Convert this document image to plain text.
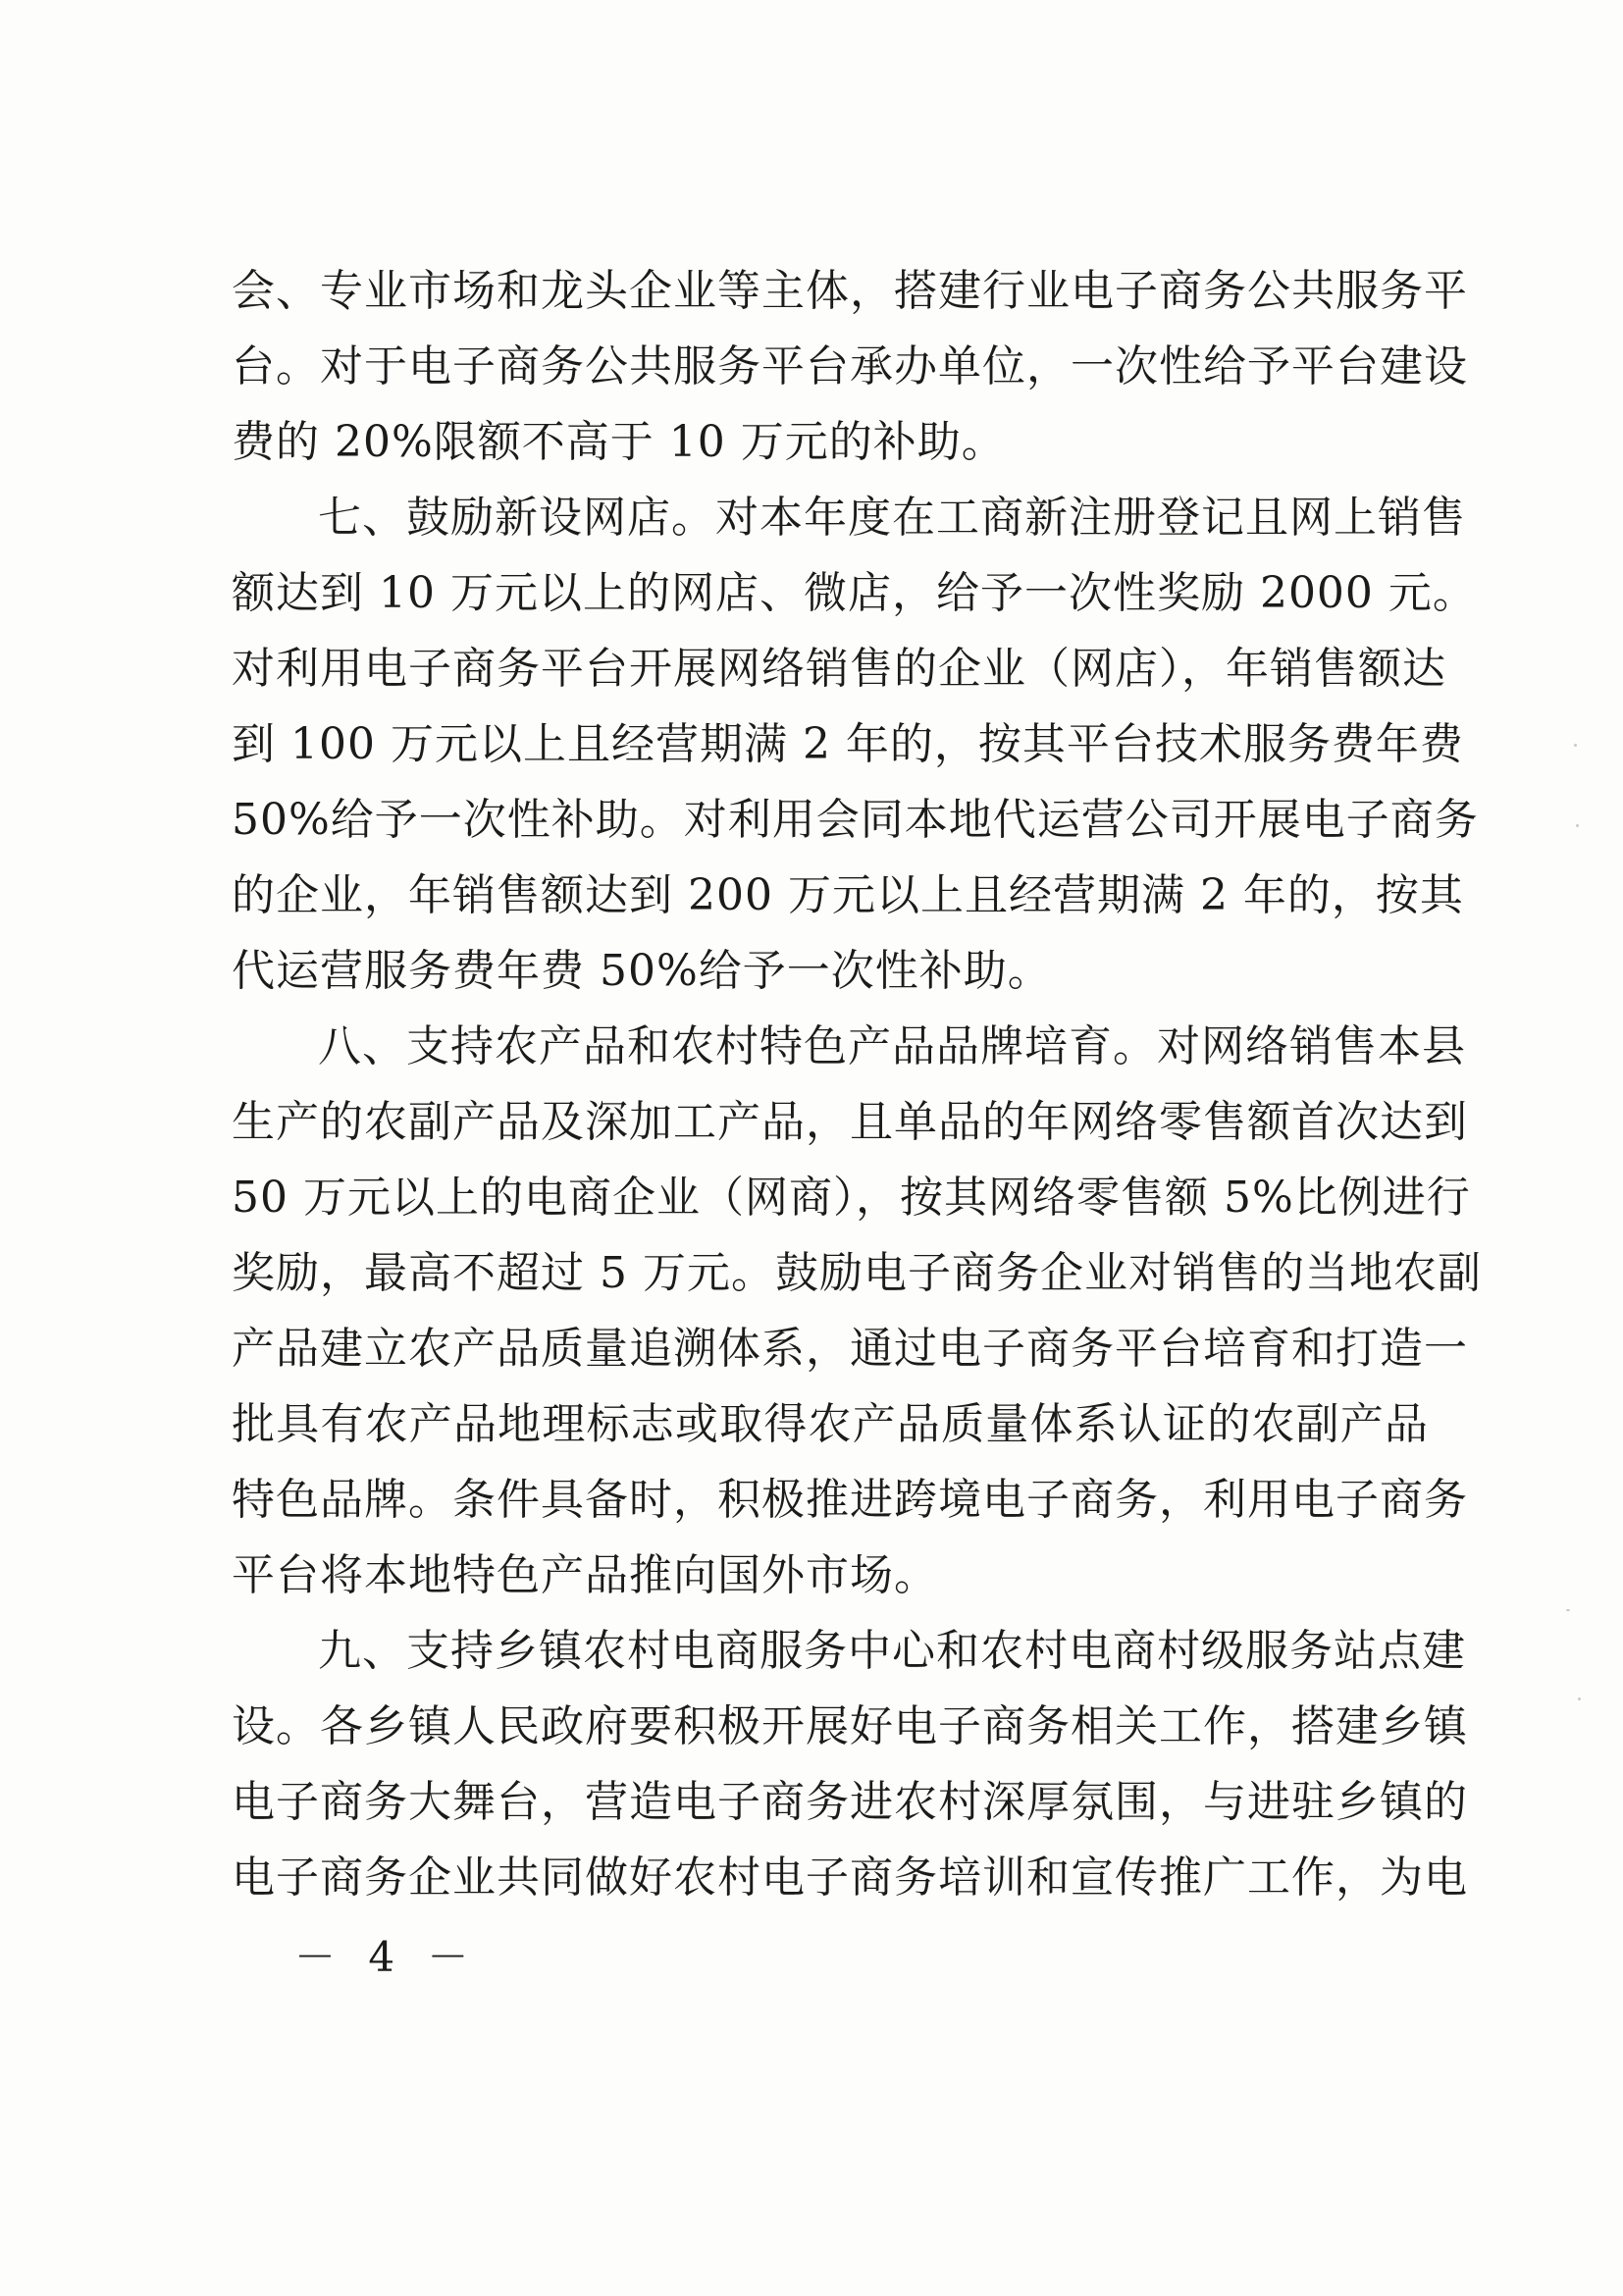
会、专业市场和龙头企业等主体，搭建行业电子商务公共服务平
台。对于电子商务公共服务平台承办单位，一次性给予平台建设
费的 20%限额不高于 10 万元的补助。
七、鼓励新设网店。对本年度在工商新注册登记且网上销售
额达到 10 万元以上的网店、微店，给予一次性奖励 2000 元。
对利用电子商务平台开展网络销售的企业（网店），年销售额达
到 100 万元以上且经营期满 2 年的，按其平台技术服务费年费
50%给予一次性补助。对利用会同本地代运营公司开展电子商务
的企业，年销售额达到 200 万元以上且经营期满 2 年的，按其
代运营服务费年费 50%给予一次性补助。
八、支持农产品和农村特色产品品牌培育。对网络销售本县
生产的农副产品及深加工产品，且单品的年网络零售额首次达到
50 万元以上的电商企业（网商），按其网络零售额 5%比例进行
奖励，最高不超过 5 万元。鼓励电子商务企业对销售的当地农副
产品建立农产品质量追溯体系，通过电子商务平台培育和打造一
批具有农产品地理标志或取得农产品质量体系认证的农副产品
特色品牌。条件具备时，积极推进跨境电子商务，利用电子商务
平台将本地特色产品推向国外市场。
九、支持乡镇农村电商服务中心和农村电商村级服务站点建
设。各乡镇人民政府要积极开展好电子商务相关工作，搭建乡镇
电子商务大舞台，营造电子商务进农村深厚氛围，与进驻乡镇的
电子商务企业共同做好农村电子商务培训和宣传推广工作，为电
－ 4 －
